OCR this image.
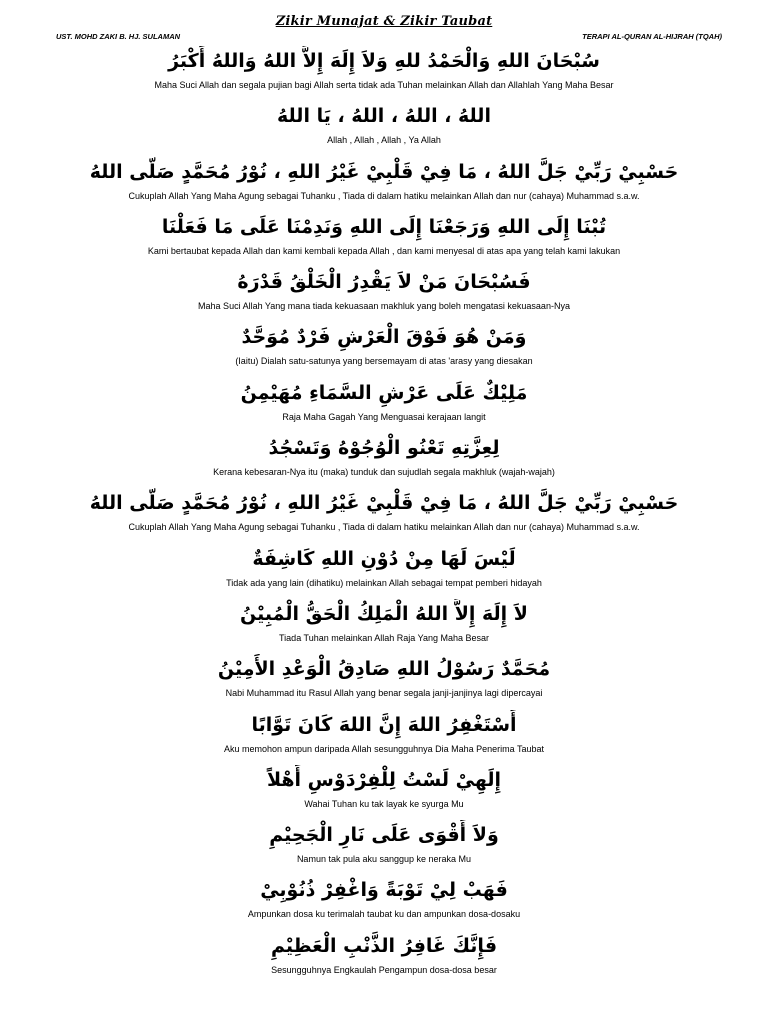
Zikir Munajat & Zikir Taubat
UST. MOHD ZAKI B. HJ. SULAMAN	TERAPI AL-QURAN AL-HIJRAH (TQAH)
سُبْحَانَ اللهِ وَالْحَمْدُ للهِ وَلاَ إِلَهَ إِلاَّ اللهُ وَاللهُ أَكْبَرُ
Maha Suci Allah dan segala pujian bagi Allah serta tidak ada Tuhan melainkan Allah dan Allahlah Yang Maha Besar
اللهُ ، اللهُ ، اللهُ ، يَا اللهُ
Allah , Allah , Allah , Ya Allah
حَسْبِيْ رَبِّيْ جَلَّ اللهُ ، مَا فِيْ قَلْبِيْ غَيْرُ اللهِ ، نُوْرُ مُحَمَّدٍ صَلَّى اللهُ
Cukuplah Allah Yang Maha Agung sebagai Tuhanku , Tiada di dalam hatiku melainkan Allah dan nur (cahaya) Muhammad s.a.w.
تُبْنَا إِلَى اللهِ وَرَجَعْنَا إِلَى اللهِ وَنَدِمْنَا عَلَى مَا فَعَلْنَا
Kami bertaubat kepada Allah dan kami kembali kepada Allah , dan kami menyesal di atas apa yang telah kami lakukan
فَسُبْحَانَ مَنْ لاَ يَقْدِرُ الْخَلْقُ قَدْرَهُ
Maha Suci Allah Yang mana tiada kekuasaan makhluk yang boleh mengatasi kekuasaan-Nya
وَمَنْ هُوَ فَوْقَ الْعَرْشِ فَرْدٌ مُوَحَّدٌ
(Iaitu) Dialah satu-satunya yang bersemayam di atas 'arasy yang diesakan
مَلِيْكٌ عَلَى عَرْشِ السَّمَاءِ مُهَيْمِنُ
Raja Maha Gagah Yang Menguasai kerajaan langit
لِعِزَّتِهِ تَعْنُو الْوُجُوْهُ وَتَسْجُدُ
Kerana kebesaran-Nya itu (maka) tunduk dan sujudlah segala makhluk (wajah-wajah)
حَسْبِيْ رَبِّيْ جَلَّ اللهُ ، مَا فِيْ قَلْبِيْ غَيْرُ اللهِ ، نُوْرُ مُحَمَّدٍ صَلَّى اللهُ
Cukuplah Allah Yang Maha Agung sebagai Tuhanku , Tiada di dalam hatiku melainkan Allah dan nur (cahaya) Muhammad s.a.w.
لَيْسَ لَهَا مِنْ دُوْنِ اللهِ كَاشِفَةٌ
Tidak ada yang lain (dihatiku) melainkan Allah sebagai tempat pemberi hidayah
لاَ إِلَهَ إِلاَّ اللهُ الْمَلِكُ الْحَقُّ الْمُبِيْنُ
Tiada Tuhan melainkan Allah Raja Yang Maha Besar
مُحَمَّدٌ رَسُوْلُ اللهِ صَادِقُ الْوَعْدِ الأَمِيْنُ
Nabi Muhammad itu Rasul Allah yang benar segala janji-janjinya lagi dipercayai
أَسْتَغْفِرُ اللهَ إِنَّ اللهَ كَانَ تَوَّابًا
Aku memohon ampun daripada Allah sesungguhnya Dia Maha Penerima Taubat
إِلَهِيْ لَسْتُ لِلْفِرْدَوْسِ أَهْلاً
Wahai Tuhan ku tak layak ke syurga Mu
وَلاَ أَقْوَى عَلَى نَارِ الْجَحِيْمِ
Namun tak pula aku sanggup ke neraka Mu
فَهَبْ لِيْ تَوْبَةً وَاغْفِرْ ذُنُوْبِيْ
Ampunkan dosa ku terimalah taubat ku dan ampunkan dosa-dosaku
فَإِنَّكَ غَافِرُ الذَّنْبِ الْعَظِيْمِ
Sesungguhnya Engkaulah Pengampun dosa-dosa besar
